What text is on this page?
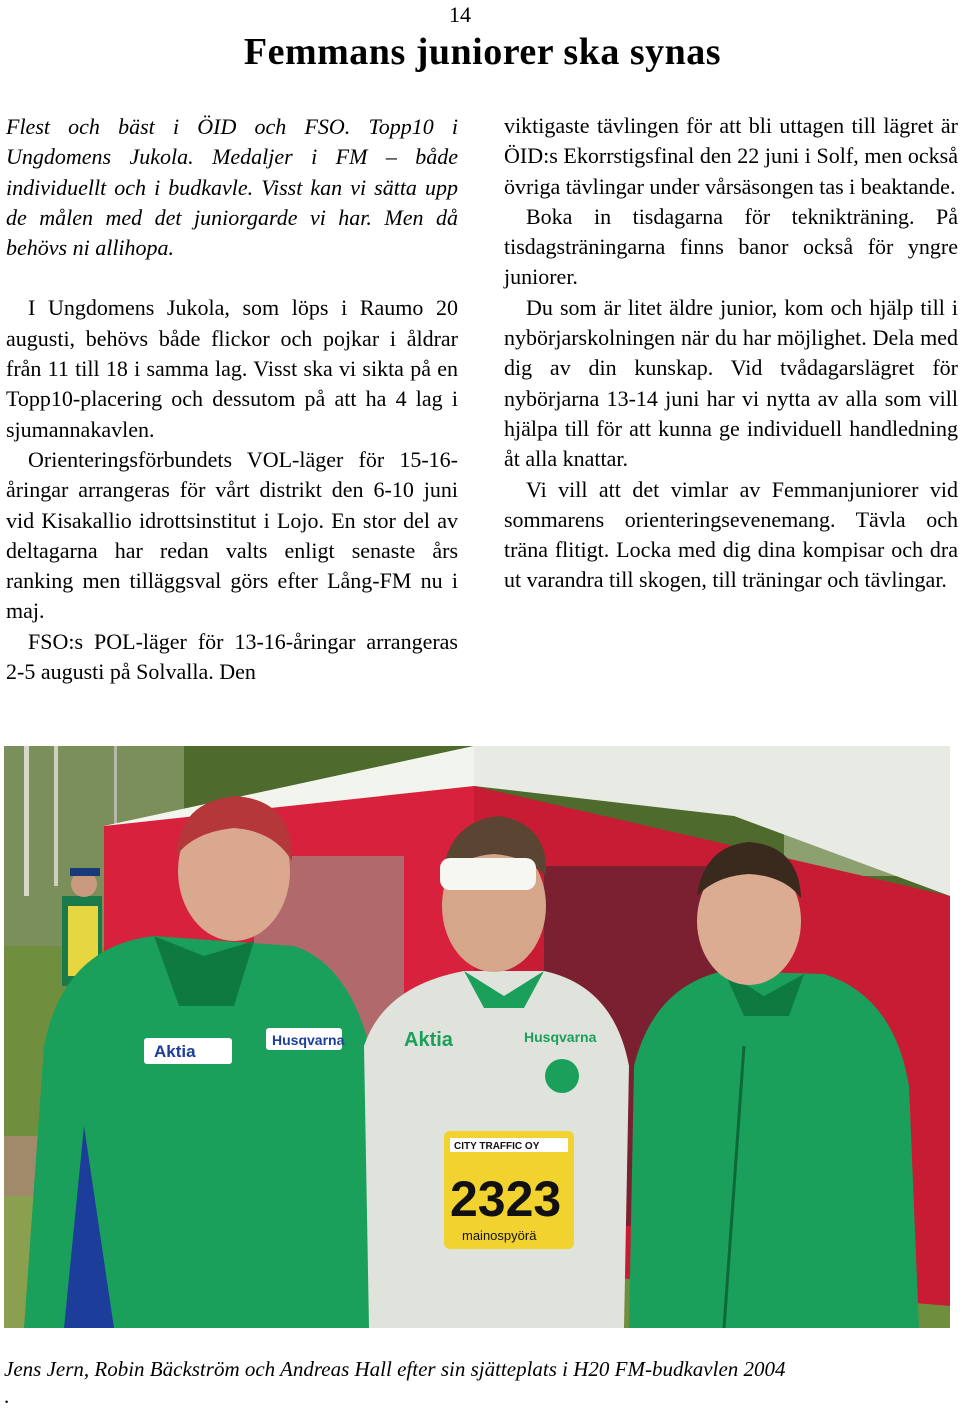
14
Femmans juniorer ska synas

Flest och bäst i ÖID och FSO. Topp10 i Ungdomens Jukola. Medaljer i FM – både individuellt och i budkavle. Visst kan vi sätta upp de målen med det juniorgarde vi har. Men då behövs ni allihopa.

I Ungdomens Jukola, som löps i Raumo 20 augusti, behövs både flickor och pojkar i åldrar från 11 till 18 i samma lag. Visst ska vi sikta på en Topp10-placering och dessutom på att ha 4 lag i sjumannakavlen.

Orienteringsförbundets VOL-läger för 15-16-åringar arrangeras för vårt distrikt den 6-10 juni vid Kisakallio idrottsinstitut i Lojo. En stor del av deltagarna har redan valts enligt senaste års ranking men tilläggsval görs efter Lång-FM nu i maj.

FSO:s POL-läger för 13-16-åringar arrangeras 2-5 augusti på Solvalla. Den

viktigaste tävlingen för att bli uttagen till lägret är ÖID:s Ekorrstigsfinal den 22 juni i Solf, men också övriga tävlingar under vårsäsongen tas i beaktande.

Boka in tisdagarna för teknikträning. På tisdagsträningarna finns banor också för yngre juniorer.

Du som är litet äldre junior, kom och hjälp till i nybörjarskolningen när du har möjlighet. Dela med dig av din kunskap. Vid tvådagarslägret för nybörjarna 13-14 juni har vi nytta av alla som vill hjälpa till för att kunna ge individuell handledning åt alla knattar.

Vi vill att det vimlar av Femmanjuniorer vid sommarens orienteringsevenemang. Tävla och träna flitigt. Locka med dig dina kompisar och dra ut varandra till skogen, till träningar och tävlingar.

Aktia
Husqvarna	Aktia	Husqvarna
CITY TRAFFIC OY
2323
mainospyörä
Jens Jern, Robin Bäckström och Andreas Hall efter sin sjätteplats i H20 FM-budkavlen 2004
.
